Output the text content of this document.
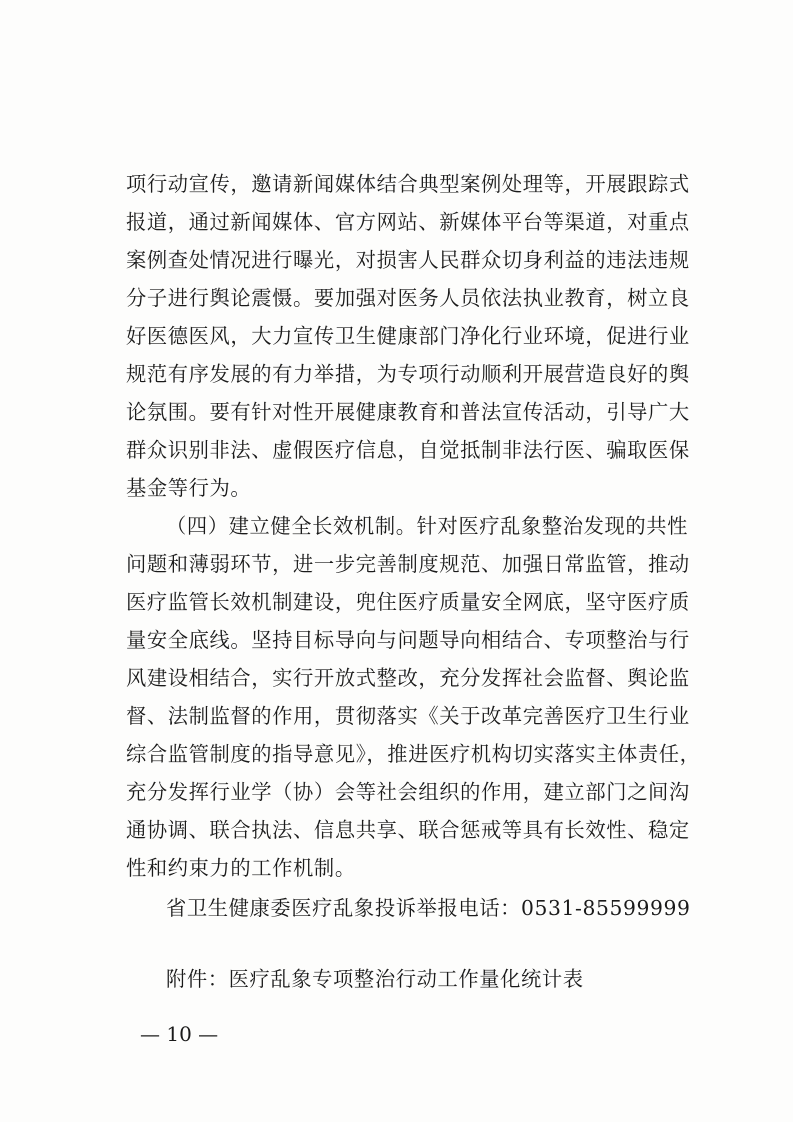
项行动宣传，邀请新闻媒体结合典型案例处理等，开展跟踪式
报道，通过新闻媒体、官方网站、新媒体平台等渠道，对重点
案例查处情况进行曝光，对损害人民群众切身利益的违法违规
分子进行舆论震慑。要加强对医务人员依法执业教育，树立良
好医德医风，大力宣传卫生健康部门净化行业环境，促进行业
规范有序发展的有力举措，为专项行动顺利开展营造良好的舆
论氛围。要有针对性开展健康教育和普法宣传活动，引导广大
群众识别非法、虚假医疗信息，自觉抵制非法行医、骗取医保
基金等行为。
（四）建立健全长效机制。针对医疗乱象整治发现的共性
问题和薄弱环节，进一步完善制度规范、加强日常监管，推动
医疗监管长效机制建设，兜住医疗质量安全网底，坚守医疗质
量安全底线。坚持目标导向与问题导向相结合、专项整治与行
风建设相结合，实行开放式整改，充分发挥社会监督、舆论监
督、法制监督的作用，贯彻落实《关于改革完善医疗卫生行业
综合监管制度的指导意见》，推进医疗机构切实落实主体责任，
充分发挥行业学（协）会等社会组织的作用，建立部门之间沟
通协调、联合执法、信息共享、联合惩戒等具有长效性、稳定
性和约束力的工作机制。
省卫生健康委医疗乱象投诉举报电话：0531-85599999
附件：医疗乱象专项整治行动工作量化统计表
— 10 —
